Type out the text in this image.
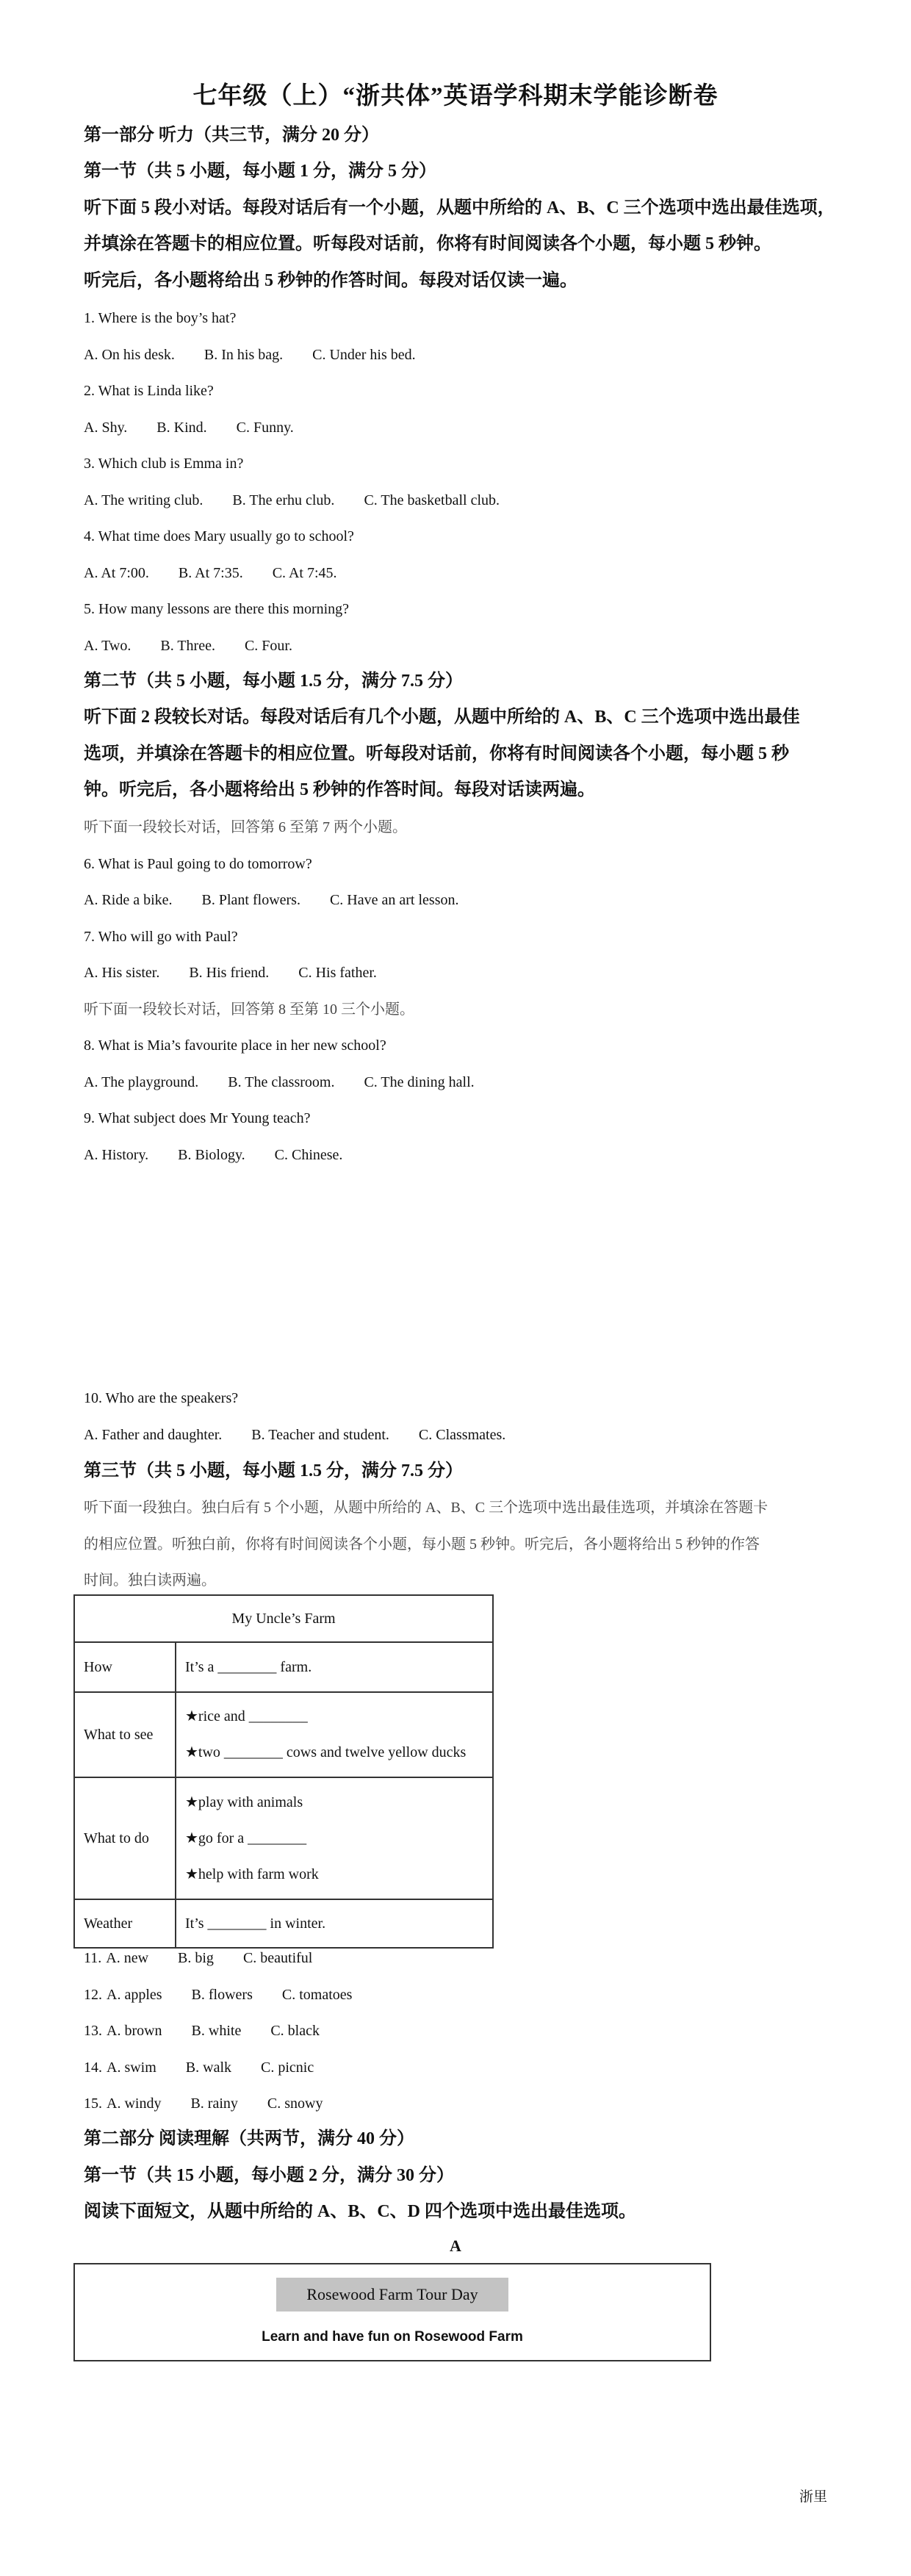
七年级（上）“浙共体”英语学科期末学能诊断卷
第一部分 听力（共三节，满分 20 分）
第一节（共 5 小题，每小题 1 分，满分 5 分）
听下面 5 段小对话。每段对话后有一个小题，从题中所给的 A、B、C 三个选项中选出最佳选项，
并填涂在答题卡的相应位置。听每段对话前，你将有时间阅读各个小题，每小题 5 秒钟。
听完后，各小题将给出 5 秒钟的作答时间。每段对话仅读一遍。
1. Where is the boy’s hat?
A. On his desk. B. In his bag. C. Under his bed.
2. What is Linda like?
A. Shy. B. Kind. C. Funny.
3. Which club is Emma in?
A. The writing club. B. The erhu club. C. The basketball club.
4. What time does Mary usually go to school?
A. At 7:00. B. At 7:35. C. At 7:45.
5. How many lessons are there this morning?
A. Two. B. Three. C. Four.
第二节（共 5 小题，每小题 1.5 分，满分 7.5 分）
听下面 2 段较长对话。每段对话后有几个小题，从题中所给的 A、B、C 三个选项中选出最佳
选项，并填涂在答题卡的相应位置。听每段对话前，你将有时间阅读各个小题，每小题 5 秒
钟。听完后，各小题将给出 5 秒钟的作答时间。每段对话读两遍。
听下面一段较长对话，回答第 6 至第 7 两个小题。
6. What is Paul going to do tomorrow?
A. Ride a bike. B. Plant flowers. C. Have an art lesson.
7. Who will go with Paul?
A. His sister. B. His friend. C. His father.
听下面一段较长对话，回答第 8 至第 10 三个小题。
8. What is Mia’s favourite place in her new school?
A. The playground. B. The classroom. C. The dining hall.
9. What subject does Mr Young teach?
A. History. B. Biology. C. Chinese.
10. Who are the speakers?
A. Father and daughter. B. Teacher and student. C. Classmates.
第三节（共 5 小题，每小题 1.5 分，满分 7.5 分）
听下面一段独白。独白后有 5 个小题，从题中所给的 A、B、C 三个选项中选出最佳选项，并填涂在答题卡
的相应位置。听独白前，你将有时间阅读各个小题，每小题 5 秒钟。听完后，各小题将给出 5 秒钟的作答
时间。独白读两遍。
My Uncle’s Farm	
How	It’s a ________ farm.
What to see	★rice and ________
★two ________ cows and twelve yellow ducks

What to do	★play with animals
★go for a ________
★help with farm work

Weather	It’s ________ in winter.
11. A. new B. big C. beautiful
12. A. apples B. flowers C. tomatoes
13. A. brown B. white C. black
14. A. swim B. walk C. picnic
15. A. windy B. rainy C. snowy
第二部分 阅读理解（共两节，满分 40 分）
第一节（共 15 小题，每小题 2 分，满分 30 分）
阅读下面短文，从题中所给的 A、B、C、D 四个选项中选出最佳选项。
A
Rosewood Farm Tour Day
Learn and have fun on Rosewood Farm
浙里
